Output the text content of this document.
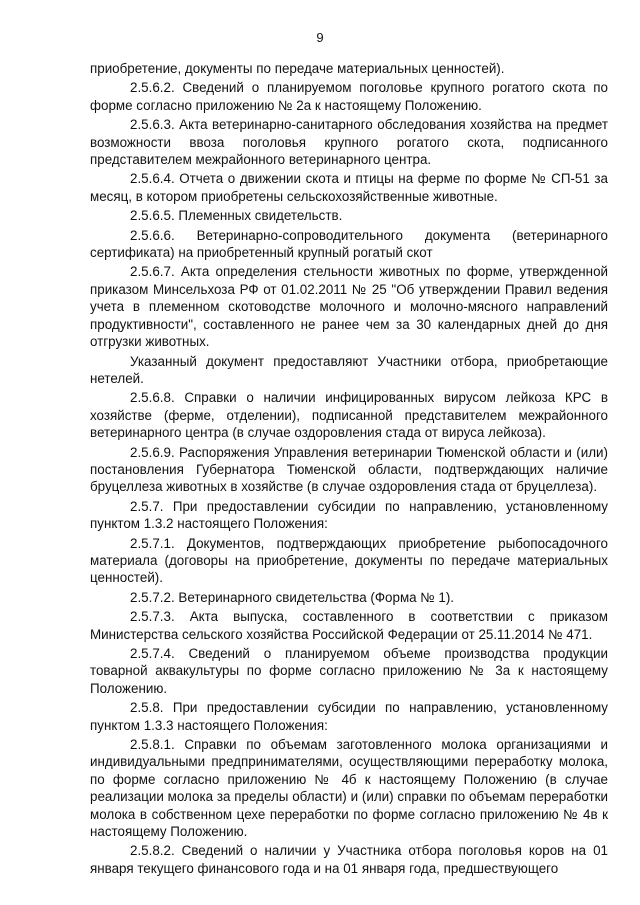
9

приобретение, документы по передаче материальных ценностей).

2.5.6.2. Сведений о планируемом поголовье крупного рогатого скота по форме согласно приложению № 2а к настоящему Положению.

2.5.6.3. Акта ветеринарно-санитарного обследования хозяйства на предмет возможности ввоза поголовья крупного рогатого скота, подписанного представителем межрайонного ветеринарного центра.

2.5.6.4. Отчета о движении скота и птицы на ферме по форме № СП-51 за месяц, в котором приобретены сельскохозяйственные животные.

2.5.6.5. Племенных свидетельств.

2.5.6.6. Ветеринарно-сопроводительного документа (ветеринарного сертификата) на приобретенный крупный рогатый скот

2.5.6.7. Акта определения стельности животных по форме, утвержденной приказом Минсельхоза РФ от 01.02.2011 № 25 "Об утверждении Правил ведения учета в племенном скотоводстве молочного и молочно-мясного направлений продуктивности", составленного не ранее чем за 30 календарных дней до дня отгрузки животных.

Указанный документ предоставляют Участники отбора, приобретающие нетелей.

2.5.6.8. Справки о наличии инфицированных вирусом лейкоза КРС в хозяйстве (ферме, отделении), подписанной представителем межрайонного ветеринарного центра (в случае оздоровления стада от вируса лейкоза).

2.5.6.9. Распоряжения Управления ветеринарии Тюменской области и (или) постановления Губернатора Тюменской области, подтверждающих наличие бруцеллеза животных в хозяйстве (в случае оздоровления стада от бруцеллеза).

2.5.7. При предоставлении субсидии по направлению, установленному пунктом 1.3.2 настоящего Положения:

2.5.7.1. Документов, подтверждающих приобретение рыбопосадочного материала (договоры на приобретение, документы по передаче материальных ценностей).

2.5.7.2. Ветеринарного свидетельства (Форма № 1).

2.5.7.3. Акта выпуска, составленного в соответствии с приказом Министерства сельского хозяйства Российской Федерации от 25.11.2014 № 471.

2.5.7.4. Сведений о планируемом объеме производства продукции товарной аквакультуры по форме согласно приложению № 3а к настоящему Положению.

2.5.8. При предоставлении субсидии по направлению, установленному пунктом 1.3.3 настоящего Положения:

2.5.8.1. Справки по объемам заготовленного молока организациями и индивидуальными предпринимателями, осуществляющими переработку молока, по форме согласно приложению № 4б к настоящему Положению (в случае реализации молока за пределы области) и (или) справки по объемам переработки молока в собственном цехе переработки по форме согласно приложению № 4в к настоящему Положению.

2.5.8.2. Сведений о наличии у Участника отбора поголовья коров на 01 января текущего финансового года и на 01 января года, предшествующего
